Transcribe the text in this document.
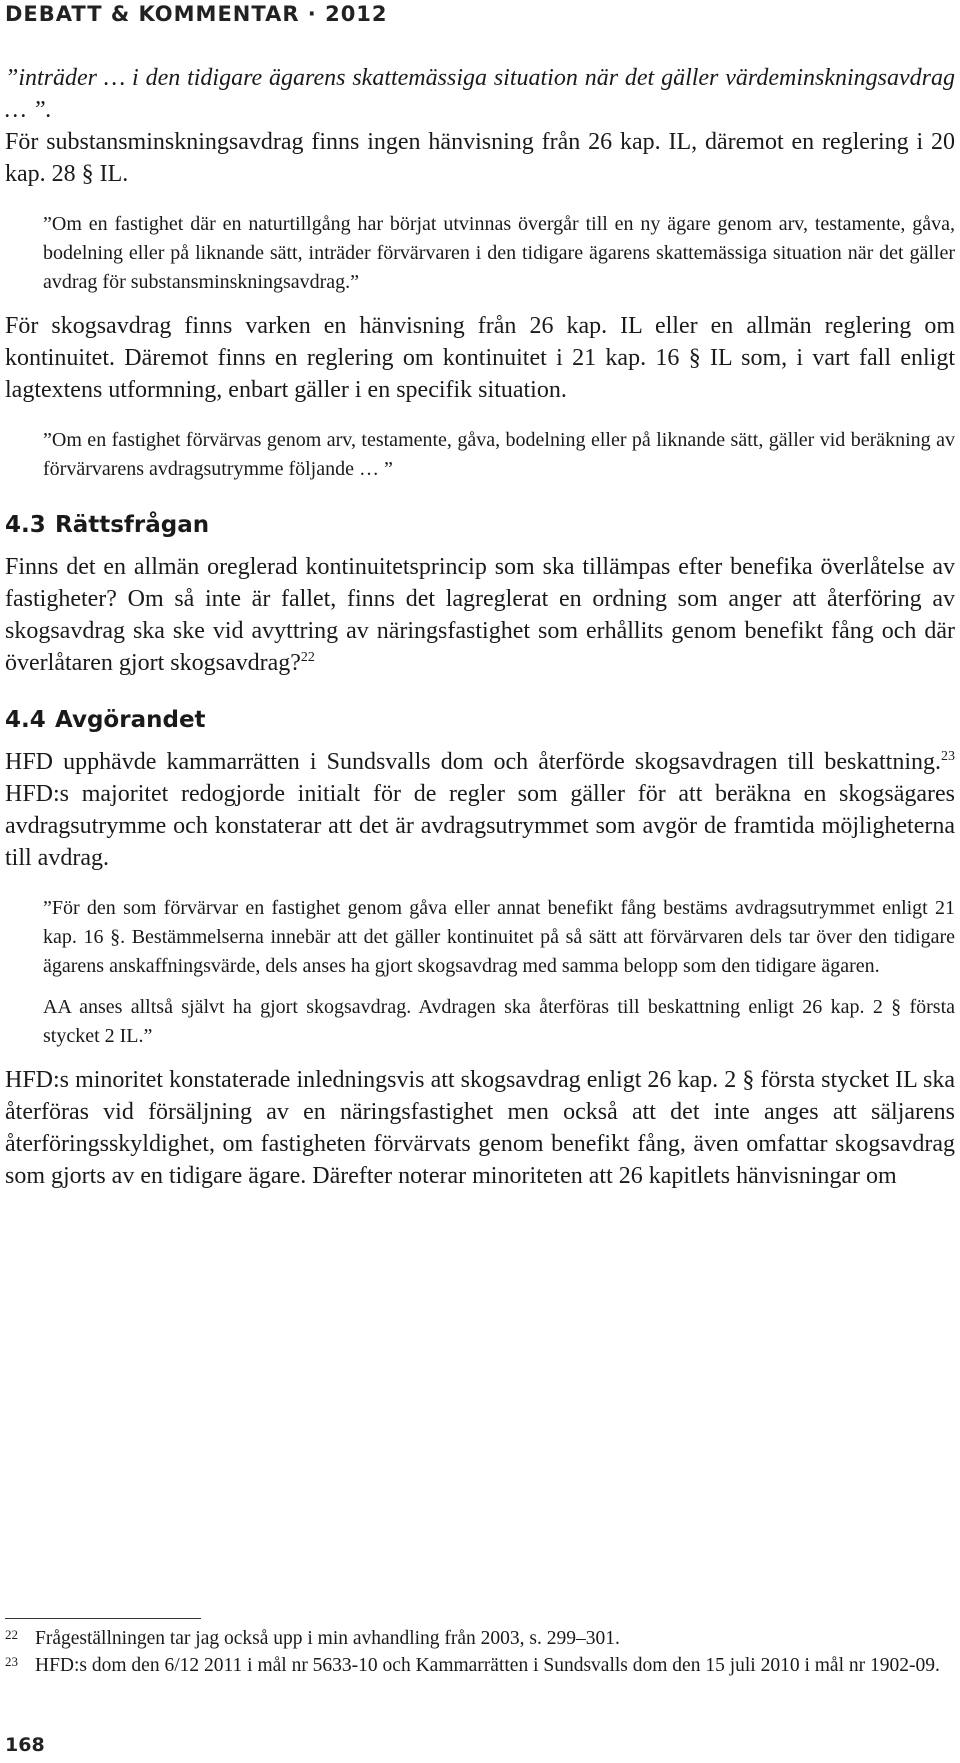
DEBATT & KOMMENTAR · 2012

”inträder … i den tidigare ägarens skattemässiga situation när det gäller värdeminskningsavdrag … ”.

För substansminskningsavdrag finns ingen hänvisning från 26 kap. IL, däremot en reglering i 20 kap. 28 § IL.

”Om en fastighet där en naturtillgång har börjat utvinnas övergår till en ny ägare genom arv, testamente, gåva, bodelning eller på liknande sätt, inträder förvärvaren i den tidigare ägarens skattemässiga situation när det gäller avdrag för substansminskningsavdrag.”

För skogsavdrag finns varken en hänvisning från 26 kap. IL eller en allmän reglering om kontinuitet. Däremot finns en reglering om kontinuitet i 21 kap. 16 § IL som, i vart fall enligt lagtextens utformning, enbart gäller i en specifik situation.

”Om en fastighet förvärvas genom arv, testamente, gåva, bodelning eller på liknande sätt, gäller vid beräkning av förvärvarens avdragsutrymme följande … ”

4.3 Rättsfrågan

Finns det en allmän oreglerad kontinuitetsprincip som ska tillämpas efter benefika överlåtelse av fastigheter? Om så inte är fallet, finns det lagreglerat en ordning som anger att återföring av skogsavdrag ska ske vid avyttring av näringsfastighet som erhållits genom benefikt fång och där överlåtaren gjort skogsavdrag?$^{22}$

4.4 Avgörandet

HFD upphävde kammarrätten i Sundsvalls dom och återförde skogsavdragen till beskattning.$^{23}$ HFD:s majoritet redogjorde initialt för de regler som gäller för att beräkna en skogsägares avdragsutrymme och konstaterar att det är avdragsutrymmet som avgör de framtida möjligheterna till avdrag.

”För den som förvärvar en fastighet genom gåva eller annat benefikt fång bestäms avdragsutrymmet enligt 21 kap. 16 §. Bestämmelserna innebär att det gäller kontinuitet på så sätt att förvärvaren dels tar över den tidigare ägarens anskaffningsvärde, dels anses ha gjort skogsavdrag med samma belopp som den tidigare ägaren.

AA anses alltså självt ha gjort skogsavdrag. Avdragen ska återföras till beskattning enligt 26 kap. 2 § första stycket 2 IL.”

HFD:s minoritet konstaterade inledningsvis att skogsavdrag enligt 26 kap. 2 § första stycket IL ska återföras vid försäljning av en näringsfastighet men också att det inte anges att säljarens återföringsskyldighet, om fastigheten förvärvats genom benefikt fång, även omfattar skogsavdrag som gjorts av en tidigare ägare. Därefter noterar minoriteten att 26 kapitlets hänvisningar om

22 Frågeställningen tar jag också upp i min avhandling från 2003, s. 299–301.
23 HFD:s dom den 6/12 2011 i mål nr 5633-10 och Kammarrätten i Sundsvalls dom den 15 juli 2010 i mål nr 1902-09.
168
